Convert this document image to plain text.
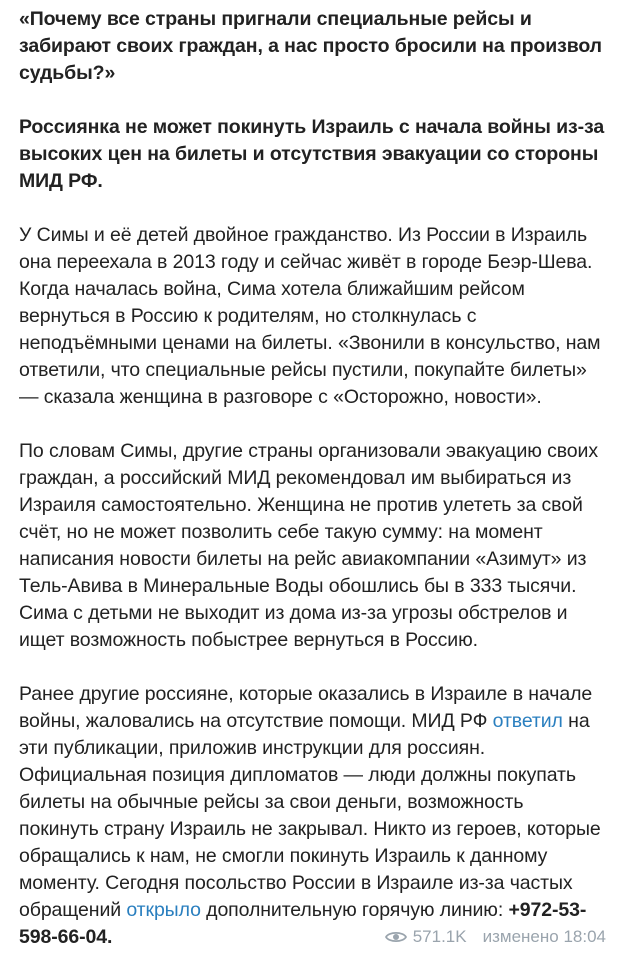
«Почему все страны пригнали специальные рейсы и забирают своих граждан, а нас просто бросили на произвол судьбы?»

Россиянка не может покинуть Израиль с начала войны из-за высоких цен на билеты и отсутствия эвакуации со стороны МИД РФ.

У Симы и её детей двойное гражданство. Из России в Израиль она переехала в 2013 году и сейчас живёт в городе Беэр-Шева. Когда началась война, Сима хотела ближайшим рейсом вернуться в Россию к родителям, но столкнулась с неподъёмными ценами на билеты. «Звонили в консульство, нам ответили, что специальные рейсы пустили, покупайте билеты» — сказала женщина в разговоре с «Осторожно, новости».

По словам Симы, другие страны организовали эвакуацию своих граждан, а российский МИД рекомендовал им выбираться из Израиля самостоятельно. Женщина не против улететь за свой счёт, но не может позволить себе такую сумму: на момент написания новости билеты на рейс авиакомпании «Азимут» из Тель-Авива в Минеральные Воды обошлись бы в 333 тысячи. Сима с детьми не выходит из дома из-за угрозы обстрелов и ищет возможность побыстрее вернуться в Россию.

Ранее другие россияне, которые оказались в Израиле в начале войны, жаловались на отсутствие помощи. МИД РФ ответил на эти публикации, приложив инструкции для россиян. Официальная позиция дипломатов — люди должны покупать билеты на обычные рейсы за свои деньги, возможность покинуть страну Израиль не закрывал. Никто из героев, которые обращались к нам, не смогли покинуть Израиль к данному моменту. Сегодня посольство России в Израиле из-за частых обращений открыло дополнительную горячую линию: +972-53-598-66-04.	571.1K изменено 18:04
